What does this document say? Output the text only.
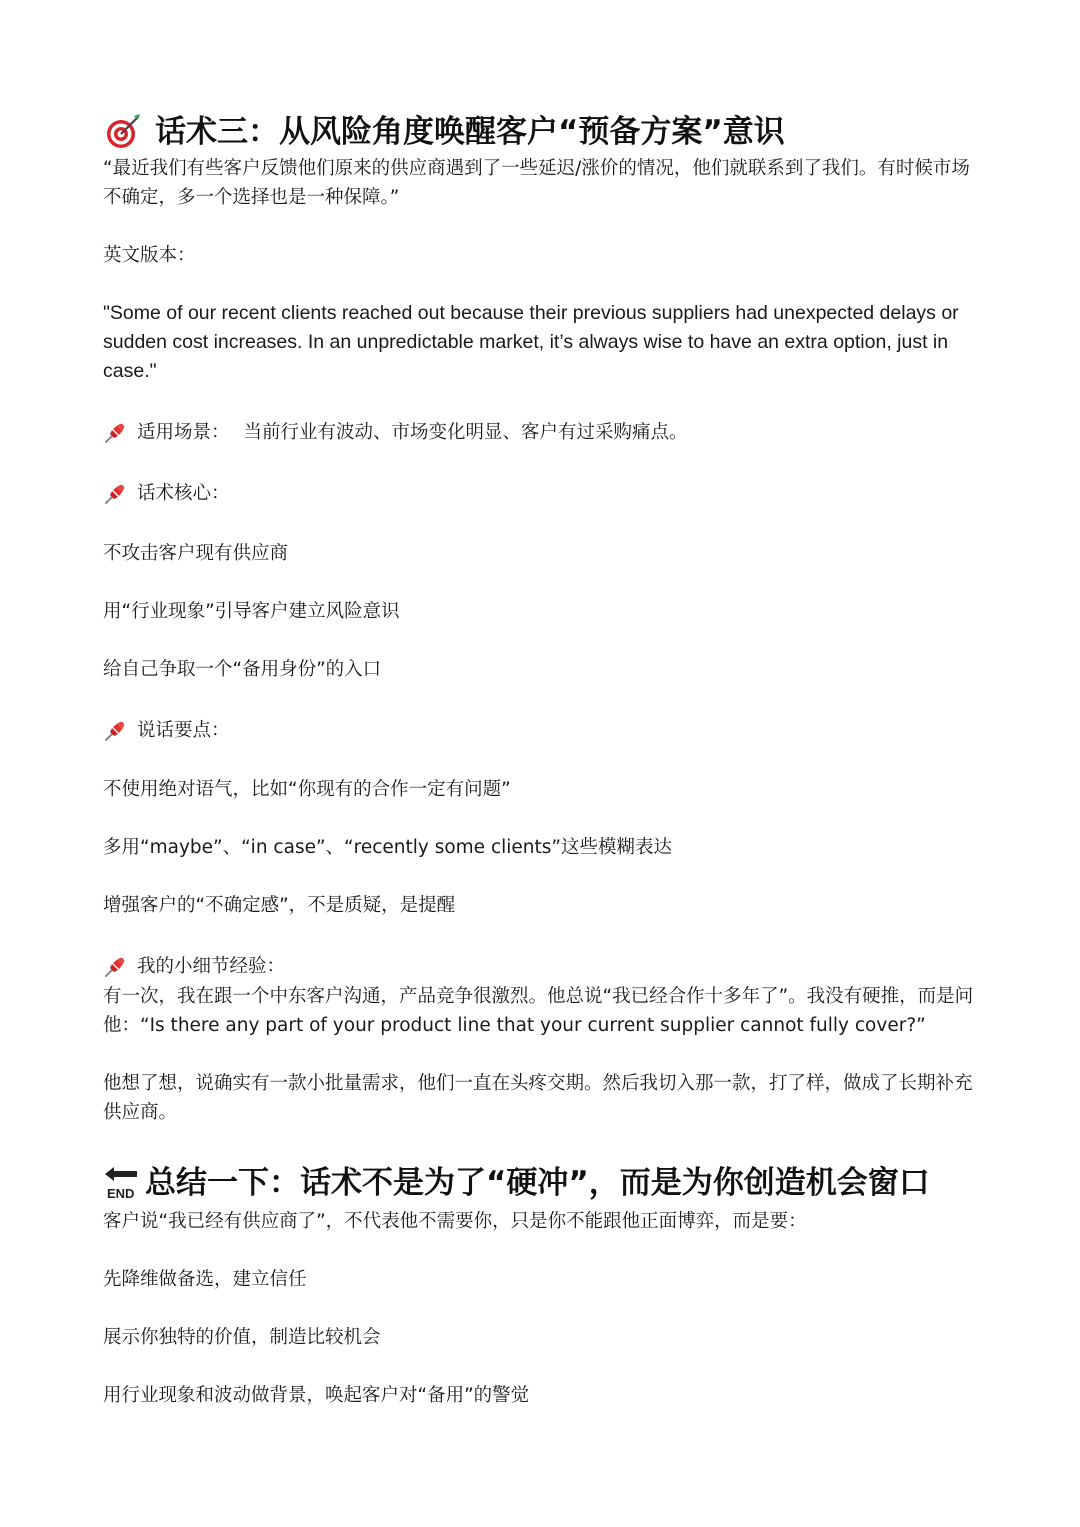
话术三：从风险角度唤醒客户“预备方案”意识

“最近我们有些客户反馈他们原来的供应商遇到了一些延迟/涨价的情况，他们就联系到了我们。有时候市场不确定，多一个选择也是一种保障。”

英文版本：

"Some of our recent clients reached out because their previous suppliers had unexpected delays or sudden cost increases. In an unpredictable market, it’s always wise to have an extra option, just in case."

适用场景： 当前行业有波动、市场变化明显、客户有过采购痛点。
话术核心：

不攻击客户现有供应商

用“行业现象”引导客户建立风险意识

给自己争取一个“备用身份”的入口

说话要点：

不使用绝对语气，比如“你现有的合作一定有问题”

多用“maybe”、“in case”、“recently some clients”这些模糊表达

增强客户的“不确定感”，不是质疑，是提醒

我的小细节经验：

有一次，我在跟一个中东客户沟通，产品竞争很激烈。他总说“我已经合作十多年了”。我没有硬推，而是问他：“Is there any part of your product line that your current supplier cannot fully cover?”

他想了想，说确实有一款小批量需求，他们一直在头疼交期。然后我切入那一款，打了样，做成了长期补充供应商。

END 总结一下：话术不是为了“硬冲”，而是为你创造机会窗口

客户说“我已经有供应商了”，不代表他不需要你，只是你不能跟他正面博弈，而是要：

先降维做备选，建立信任

展示你独特的价值，制造比较机会

用行业现象和波动做背景，唤起客户对“备用”的警觉
